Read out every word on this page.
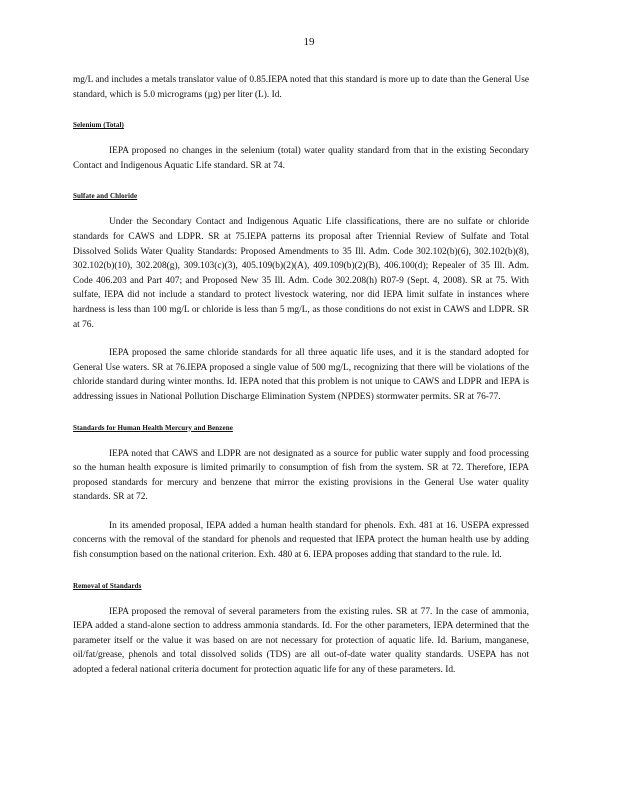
19

mg/L and includes a metals translator value of 0.85.IEPA noted that this standard is more up to date than the General Use standard, which is 5.0 micrograms (µg) per liter (L). Id.

Selenium (Total)

IEPA proposed no changes in the selenium (total) water quality standard from that in the existing Secondary Contact and Indigenous Aquatic Life standard. SR at 74.

Sulfate and Chloride

Under the Secondary Contact and Indigenous Aquatic Life classifications, there are no sulfate or chloride standards for CAWS and LDPR. SR at 75.IEPA patterns its proposal after Triennial Review of Sulfate and Total Dissolved Solids Water Quality Standards: Proposed Amendments to 35 Ill. Adm. Code 302.102(b)(6), 302.102(b)(8), 302.102(b)(10), 302.208(g), 309.103(c)(3), 405.109(b)(2)(A), 409.109(b)(2)(B), 406.100(d); Repealer of 35 Ill. Adm. Code 406.203 and Part 407; and Proposed New 35 Ill. Adm. Code 302.208(h) R07-9 (Sept. 4, 2008). SR at 75. With sulfate, IEPA did not include a standard to protect livestock watering, nor did IEPA limit sulfate in instances where hardness is less than 100 mg/L or chloride is less than 5 mg/L, as those conditions do not exist in CAWS and LDPR. SR at 76.

IEPA proposed the same chloride standards for all three aquatic life uses, and it is the standard adopted for General Use waters. SR at 76.IEPA proposed a single value of 500 mg/L, recognizing that there will be violations of the chloride standard during winter months. Id. IEPA noted that this problem is not unique to CAWS and LDPR and IEPA is addressing issues in National Pollution Discharge Elimination System (NPDES) stormwater permits. SR at 76-77.

Standards for Human Health Mercury and Benzene

IEPA noted that CAWS and LDPR are not designated as a source for public water supply and food processing so the human health exposure is limited primarily to consumption of fish from the system. SR at 72. Therefore, IEPA proposed standards for mercury and benzene that mirror the existing provisions in the General Use water quality standards. SR at 72.

In its amended proposal, IEPA added a human health standard for phenols. Exh. 481 at 16. USEPA expressed concerns with the removal of the standard for phenols and requested that IEPA protect the human health use by adding fish consumption based on the national criterion. Exh. 480 at 6. IEPA proposes adding that standard to the rule. Id.

Removal of Standards

IEPA proposed the removal of several parameters from the existing rules. SR at 77. In the case of ammonia, IEPA added a stand-alone section to address ammonia standards. Id. For the other parameters, IEPA determined that the parameter itself or the value it was based on are not necessary for protection of aquatic life. Id. Barium, manganese, oil/fat/grease, phenols and total dissolved solids (TDS) are all out-of-date water quality standards. USEPA has not adopted a federal national criteria document for protection aquatic life for any of these parameters. Id.
